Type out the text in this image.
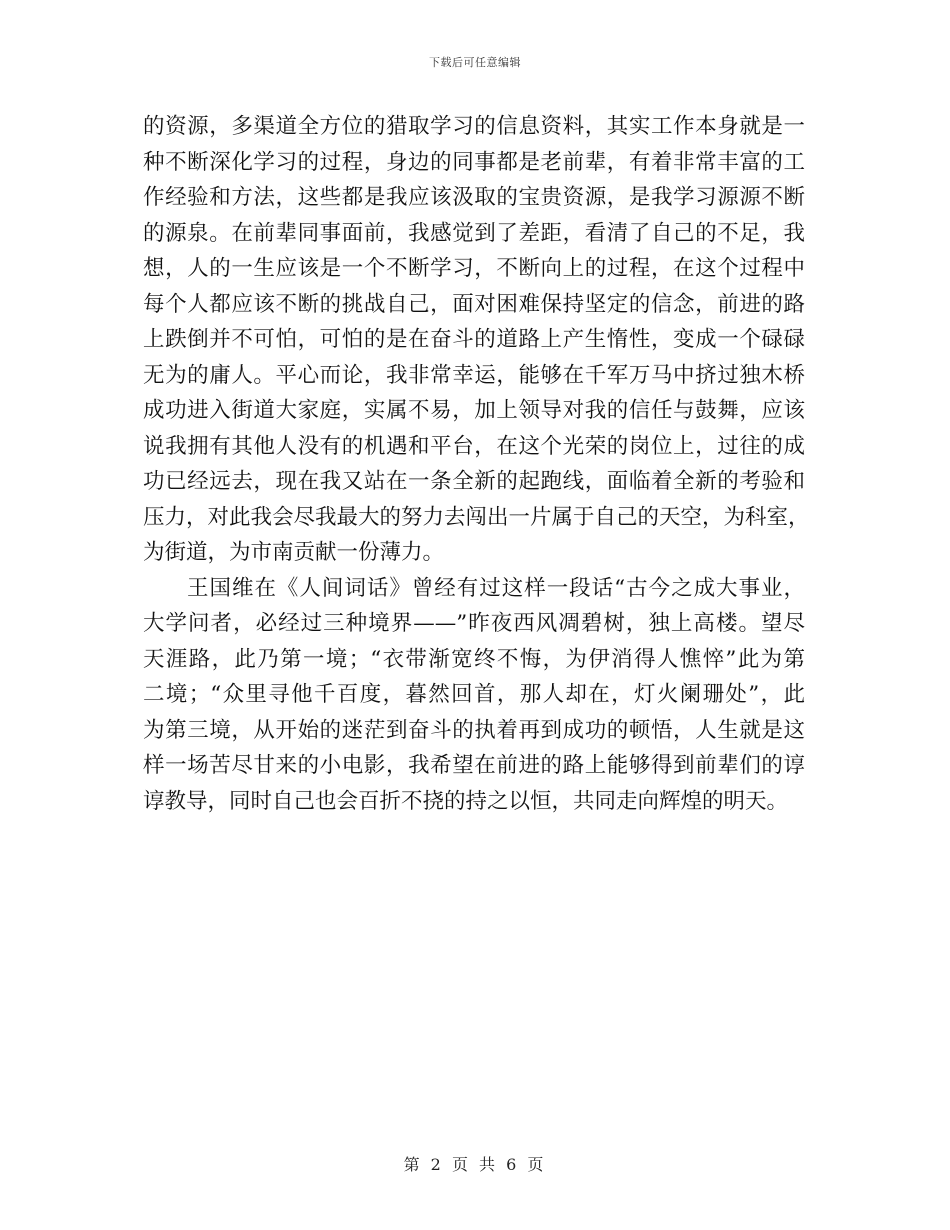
下载后可任意编辑
的资源，多渠道全方位的猎取学习的信息资料，其实工作本身就是一
种不断深化学习的过程，身边的同事都是老前辈，有着非常丰富的工
作经验和方法，这些都是我应该汲取的宝贵资源，是我学习源源不断
的源泉。在前辈同事面前，我感觉到了差距，看清了自己的不足，我
想，人的一生应该是一个不断学习，不断向上的过程，在这个过程中
每个人都应该不断的挑战自己，面对困难保持坚定的信念，前进的路
上跌倒并不可怕，可怕的是在奋斗的道路上产生惰性，变成一个碌碌
无为的庸人。平心而论，我非常幸运，能够在千军万马中挤过独木桥
成功进入街道大家庭，实属不易，加上领导对我的信任与鼓舞，应该
说我拥有其他人没有的机遇和平台，在这个光荣的岗位上，过往的成
功已经远去，现在我又站在一条全新的起跑线，面临着全新的考验和
压力，对此我会尽我最大的努力去闯出一片属于自己的天空，为科室，
为街道，为市南贡献一份薄力。
王国维在《人间词话》曾经有过这样一段话“古今之成大事业，
大学问者，必经过三种境界——”昨夜西风凋碧树，独上高楼。望尽
天涯路，此乃第一境；“衣带渐宽终不悔，为伊消得人憔悴”此为第
二境；“众里寻他千百度，暮然回首，那人却在，灯火阑珊处”，此
为第三境，从开始的迷茫到奋斗的执着再到成功的顿悟，人生就是这
样一场苦尽甘来的小电影，我希望在前进的路上能够得到前辈们的谆
谆教导，同时自己也会百折不挠的持之以恒，共同走向辉煌的明天。
第 2 页 共 6 页
